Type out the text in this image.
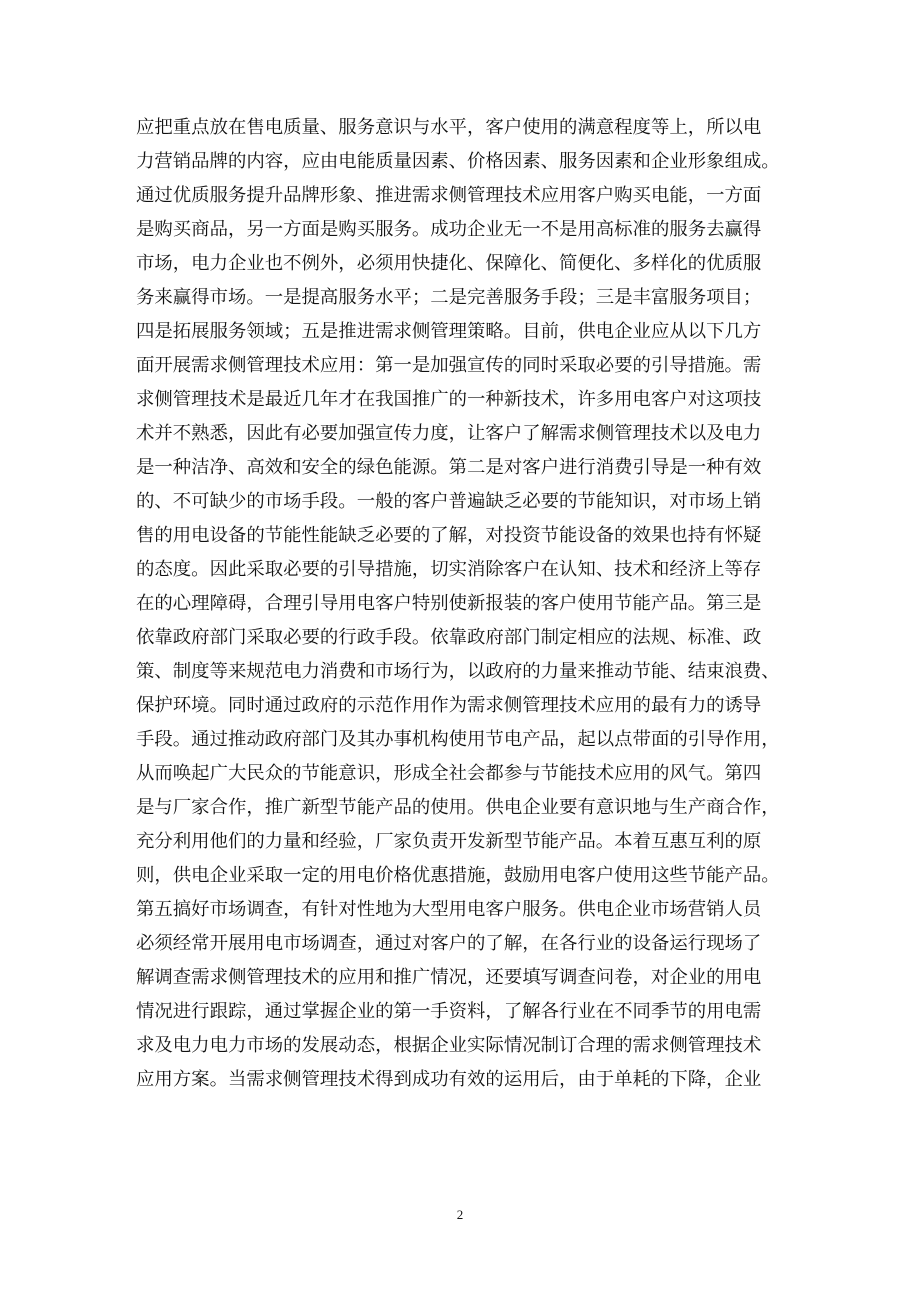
应把重点放在售电质量、服务意识与水平，客户使用的满意程度等上，所以电
力营销品牌的内容，应由电能质量因素、价格因素、服务因素和企业形象组成。
通过优质服务提升品牌形象、推进需求侧管理技术应用客户购买电能，一方面
是购买商品，另一方面是购买服务。成功企业无一不是用高标准的服务去赢得
市场，电力企业也不例外，必须用快捷化、保障化、简便化、多样化的优质服
务来赢得市场。一是提高服务水平；二是完善服务手段；三是丰富服务项目；
四是拓展服务领域；五是推进需求侧管理策略。目前，供电企业应从以下几方
面开展需求侧管理技术应用：第一是加强宣传的同时采取必要的引导措施。需
求侧管理技术是最近几年才在我国推广的一种新技术，许多用电客户对这项技
术并不熟悉，因此有必要加强宣传力度，让客户了解需求侧管理技术以及电力
是一种洁净、高效和安全的绿色能源。第二是对客户进行消费引导是一种有效
的、不可缺少的市场手段。一般的客户普遍缺乏必要的节能知识，对市场上销
售的用电设备的节能性能缺乏必要的了解，对投资节能设备的效果也持有怀疑
的态度。因此采取必要的引导措施，切实消除客户在认知、技术和经济上等存
在的心理障碍，合理引导用电客户特别使新报装的客户使用节能产品。第三是
依靠政府部门采取必要的行政手段。依靠政府部门制定相应的法规、标准、政
策、制度等来规范电力消费和市场行为，以政府的力量来推动节能、结束浪费、
保护环境。同时通过政府的示范作用作为需求侧管理技术应用的最有力的诱导
手段。通过推动政府部门及其办事机构使用节电产品，起以点带面的引导作用，
从而唤起广大民众的节能意识，形成全社会都参与节能技术应用的风气。第四
是与厂家合作，推广新型节能产品的使用。供电企业要有意识地与生产商合作，
充分利用他们的力量和经验，厂家负责开发新型节能产品。本着互惠互利的原
则，供电企业采取一定的用电价格优惠措施，鼓励用电客户使用这些节能产品。
第五搞好市场调查，有针对性地为大型用电客户服务。供电企业市场营销人员
必须经常开展用电市场调查，通过对客户的了解，在各行业的设备运行现场了
解调查需求侧管理技术的应用和推广情况，还要填写调查问卷，对企业的用电
情况进行跟踪，通过掌握企业的第一手资料，了解各行业在不同季节的用电需
求及电力电力市场的发展动态，根据企业实际情况制订合理的需求侧管理技术
应用方案。当需求侧管理技术得到成功有效的运用后，由于单耗的下降，企业
2
